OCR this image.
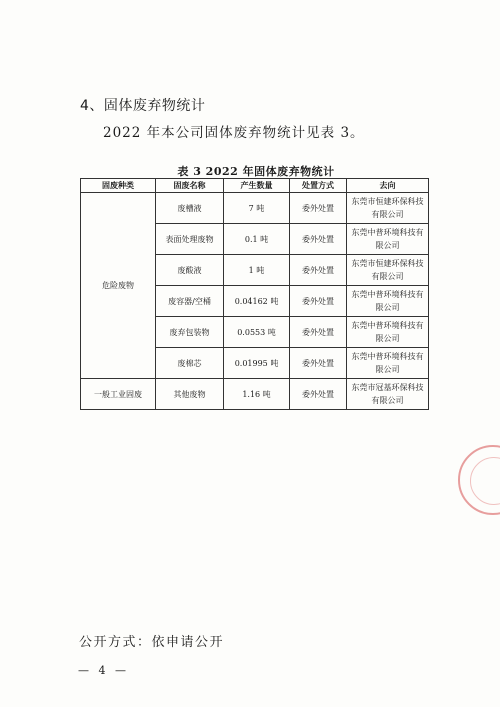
4、固体废弃物统计
2022 年本公司固体废弃物统计见表 3。
表 3 2022 年固体废弃物统计
固废种类	固废名称	产生数量	处置方式	去向
危险废物	废槽液	7 吨	委外处置	东莞市恒建环保科技有限公司
	表面处理废物	0.1 吨	委外处置	东莞中普环境科技有限公司
	废酸液	1 吨	委外处置	东莞市恒建环保科技有限公司
	废容器/空桶	0.04162 吨	委外处置	东莞中普环境科技有限公司
	废弃包装物	0.0553 吨	委外处置	东莞中普环境科技有限公司
	废棉芯	0.01995 吨	委外处置	东莞中普环境科技有限公司
一般工业固废	其他废物	1.16 吨	委外处置	东莞市冠基环保科技有限公司
公开方式：依申请公开
— 4 —
